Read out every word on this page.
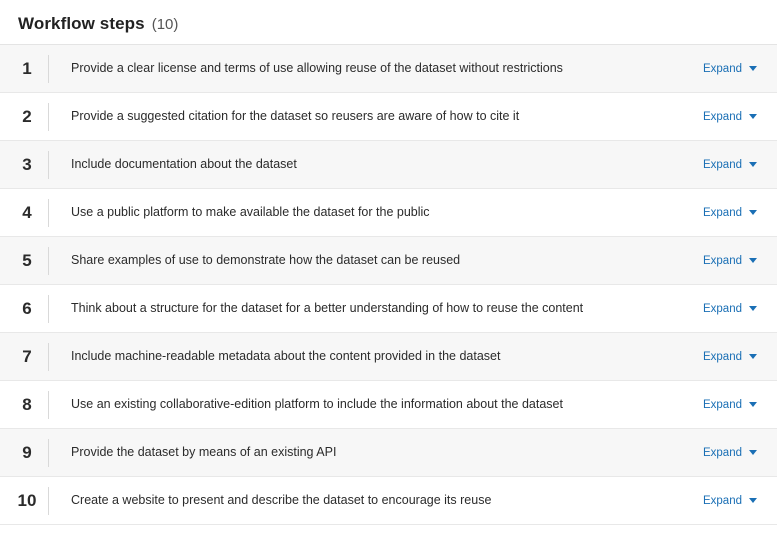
Workflow steps (10)
1	Provide a clear license and terms of use allowing reuse of the dataset without restrictions	Expand
2	Provide a suggested citation for the dataset so reusers are aware of how to cite it	Expand
3	Include documentation about the dataset	Expand
4	Use a public platform to make available the dataset for the public	Expand
5	Share examples of use to demonstrate how the dataset can be reused	Expand
6	Think about a structure for the dataset for a better understanding of how to reuse the content	Expand
7	Include machine-readable metadata about the content provided in the dataset	Expand
8	Use an existing collaborative-edition platform to include the information about the dataset	Expand
9	Provide the dataset by means of an existing API	Expand
10	Create a website to present and describe the dataset to encourage its reuse	Expand
